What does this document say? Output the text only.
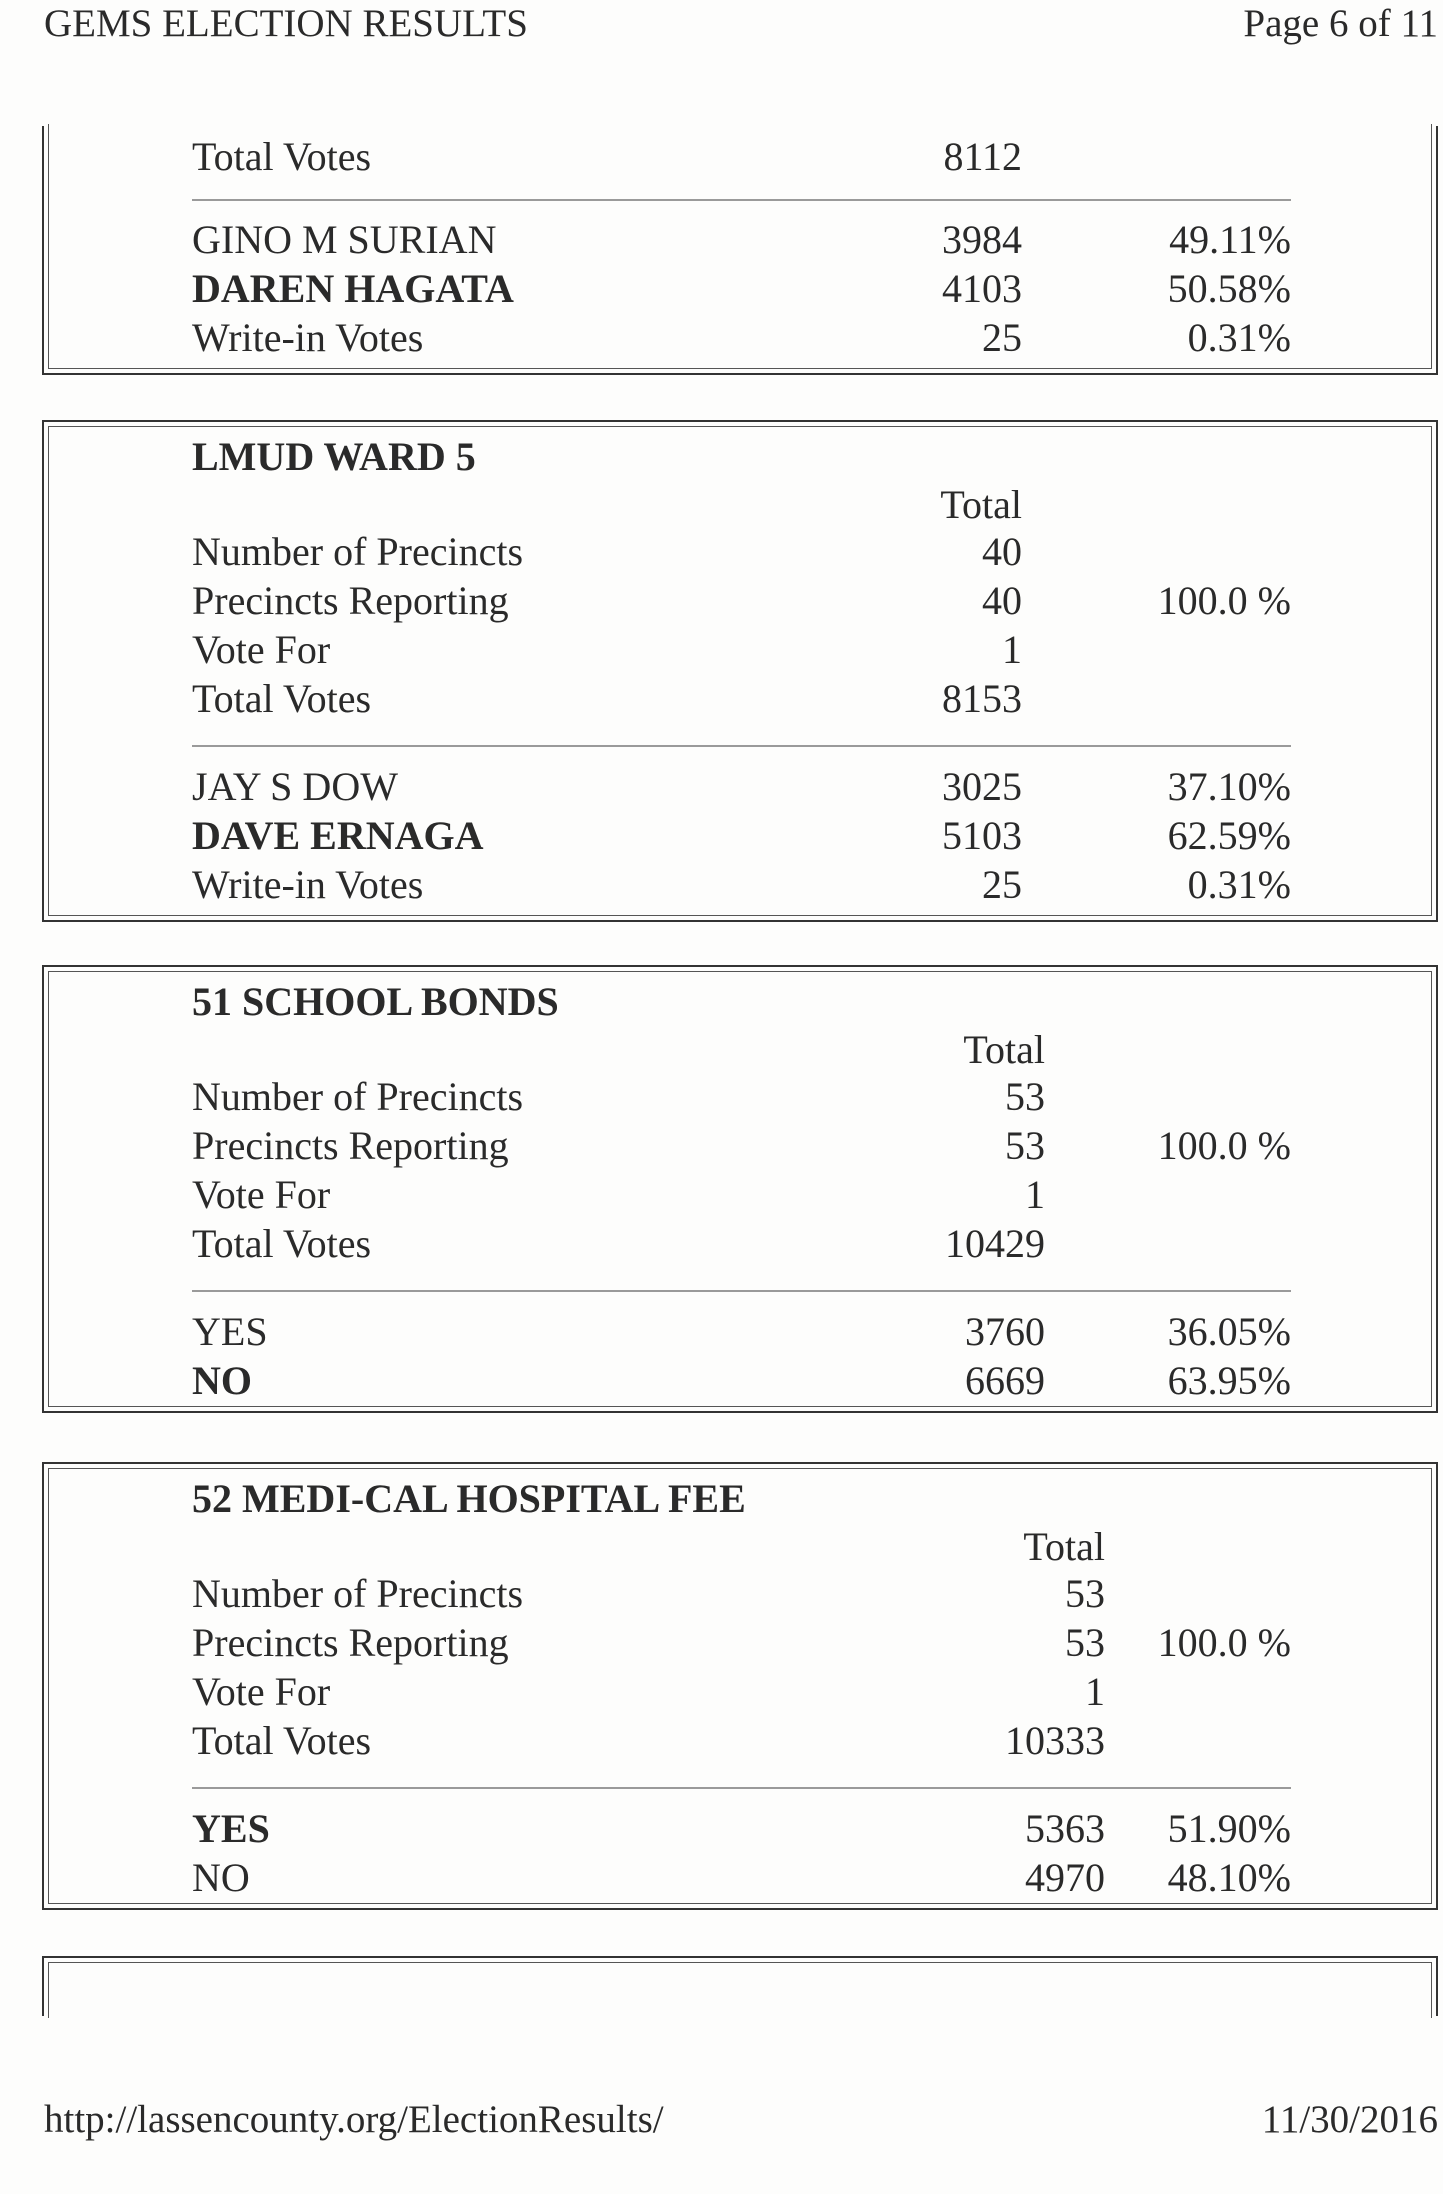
GEMS ELECTION RESULTS	Page 6 of 11
Total Votes	8112
GINO M SURIAN	3984	49.11%
DAREN HAGATA	4103	50.58%
Write-in Votes	25	0.31%
LMUD WARD 5
Total
Number of Precincts	40
Precincts Reporting	40	100.0 %
Vote For	1
Total Votes	8153
JAY S DOW	3025	37.10%
DAVE ERNAGA	5103	62.59%
Write-in Votes	25	0.31%
51 SCHOOL BONDS
Total
Number of Precincts	53
Precincts Reporting	53	100.0 %
Vote For	1
Total Votes	10429
YES	3760	36.05%
NO	6669	63.95%
52 MEDI-CAL HOSPITAL FEE
Total
Number of Precincts	53
Precincts Reporting	53 100.0 %
Vote For	1
Total Votes	10333
YES	5363 51.90%
NO	4970 48.10%
http://lassencounty.org/ElectionResults/	11/30/2016
